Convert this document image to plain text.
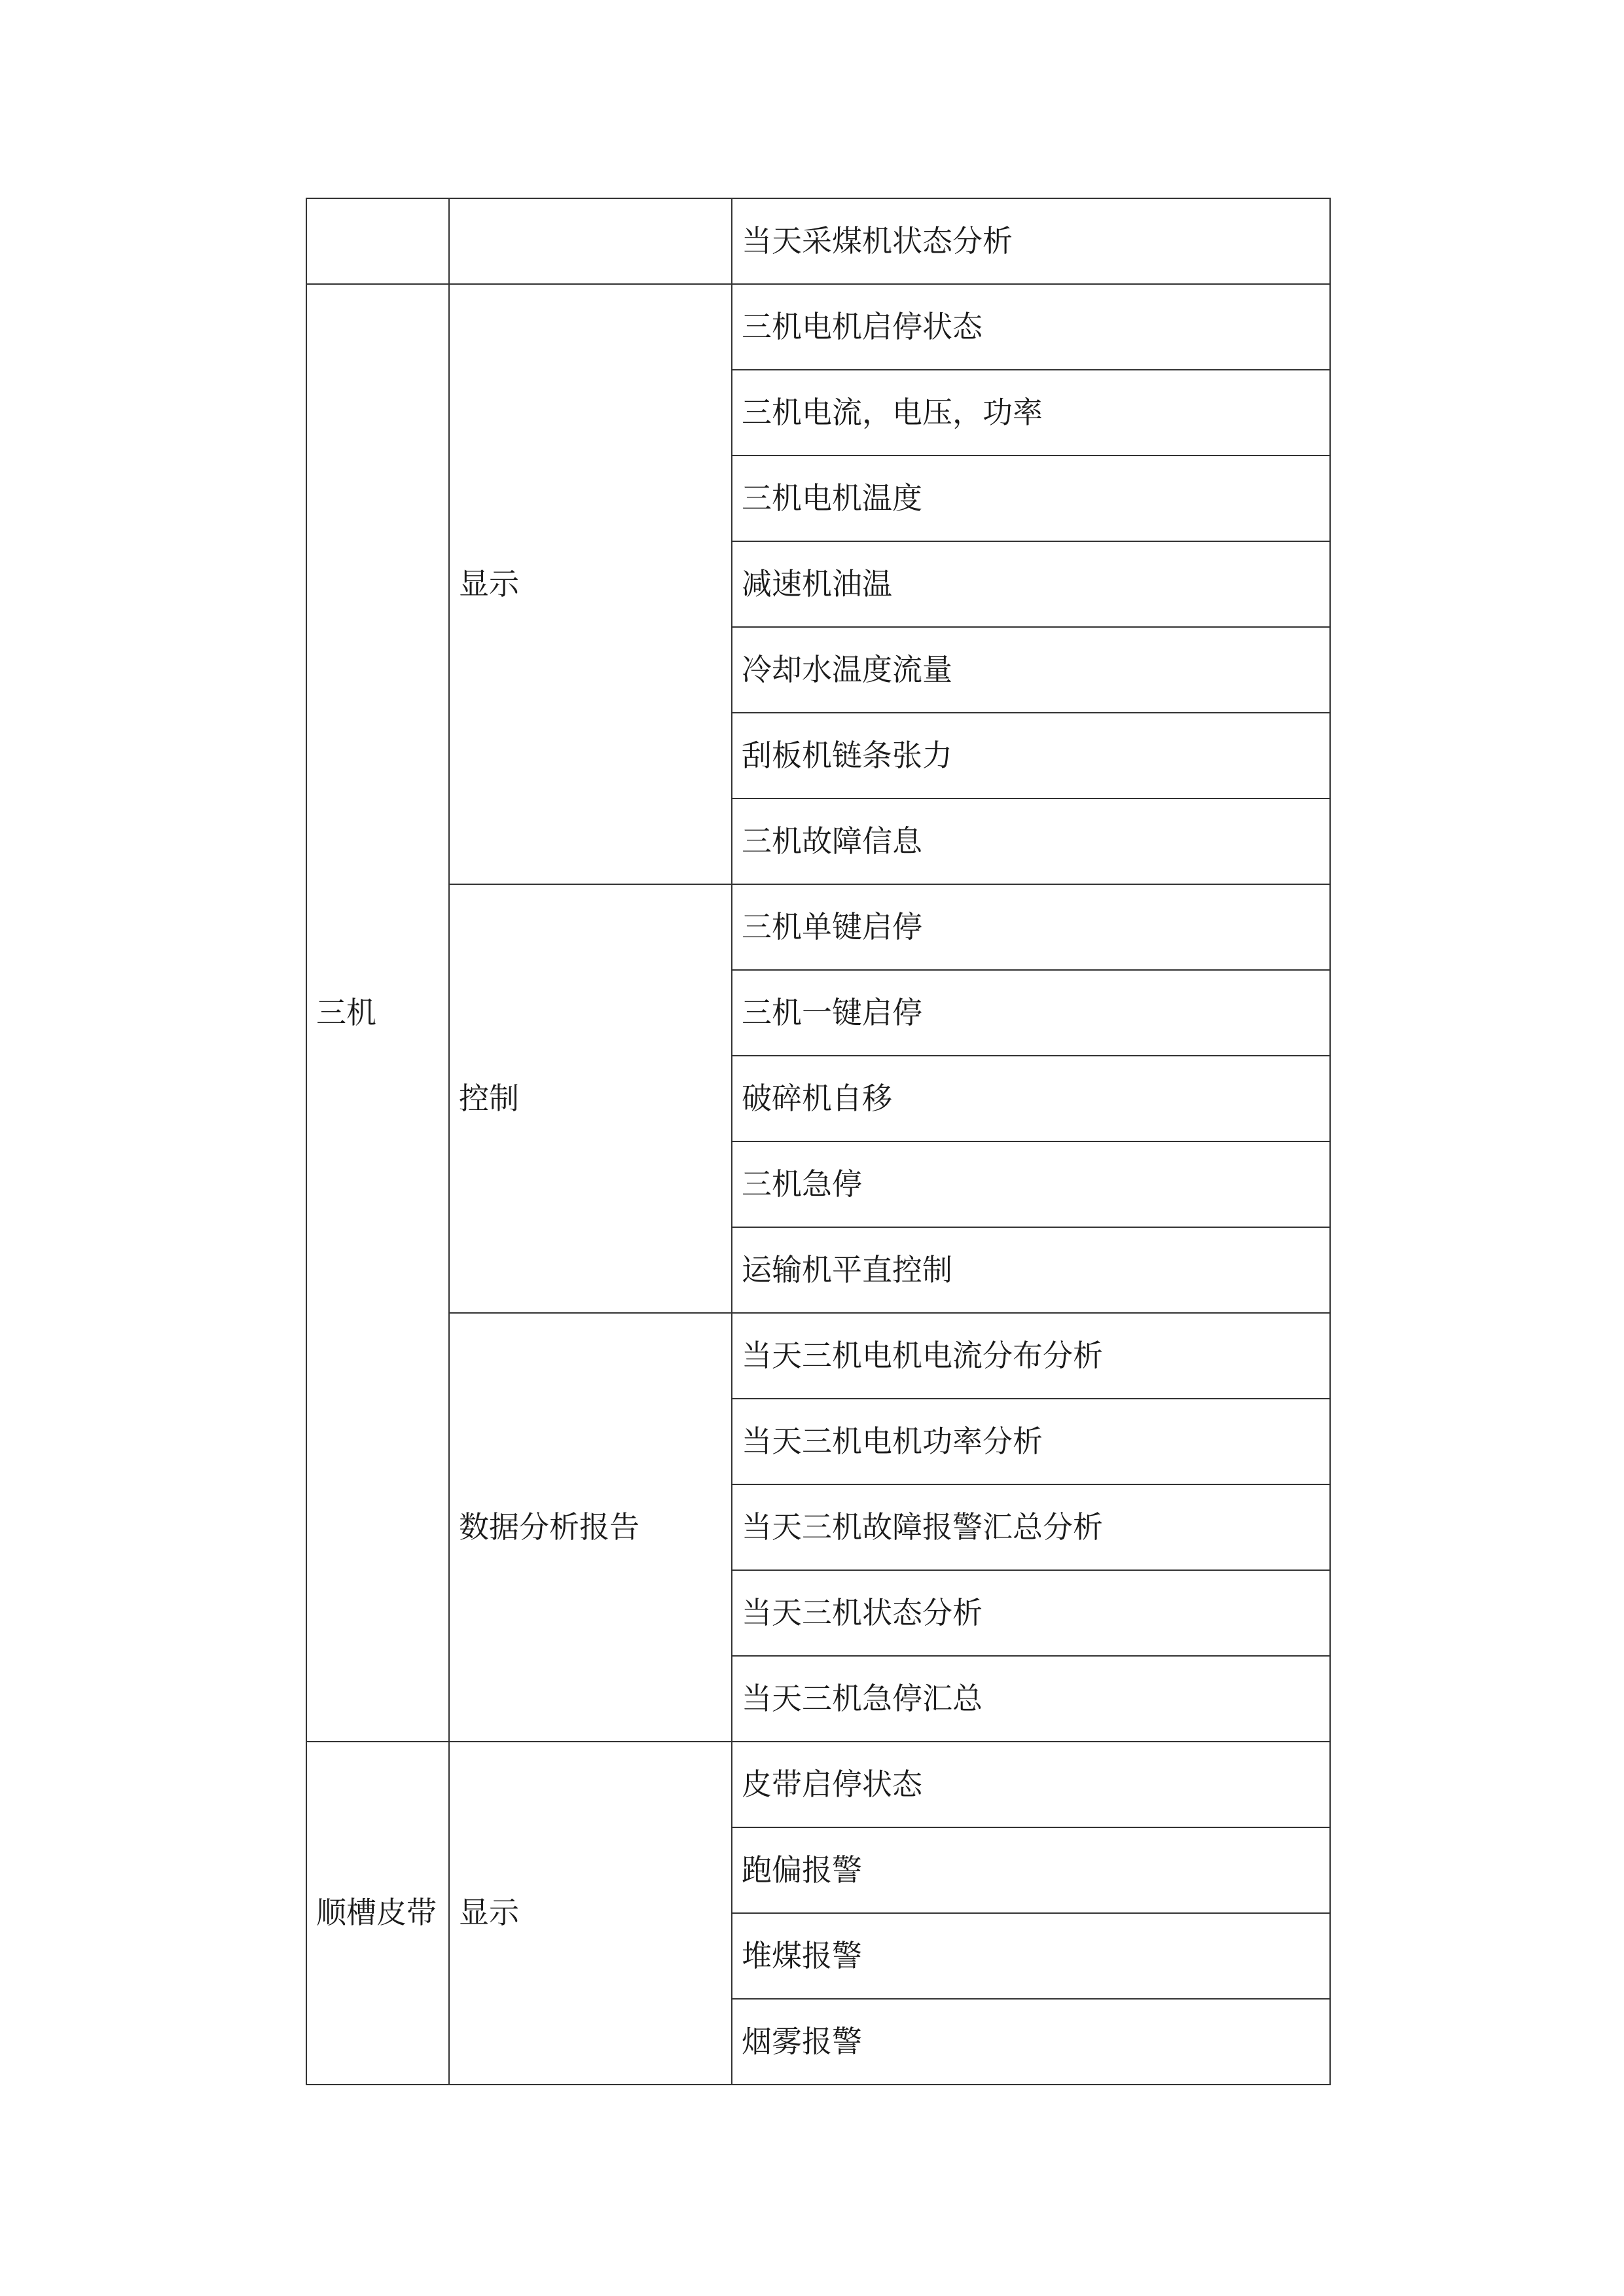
		当天采煤机状态分析
三机	显示	三机电机启停状态
		三机电流，电压，功率
		三机电机温度
		减速机油温
		冷却水温度流量
		刮板机链条张力
		三机故障信息
	控制	三机单键启停
		三机一键启停
		破碎机自移
		三机急停
		运输机平直控制
	数据分析报告	当天三机电机电流分布分析
		当天三机电机功率分析
		当天三机故障报警汇总分析
		当天三机状态分析
		当天三机急停汇总
顺槽皮带	显示	皮带启停状态
		跑偏报警
		堆煤报警
		烟雾报警
